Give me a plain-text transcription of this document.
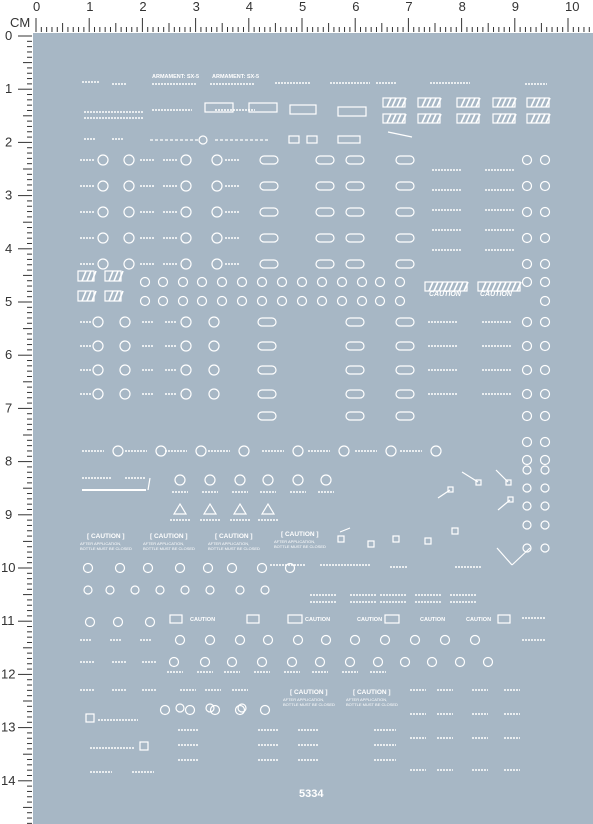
CM
0	1	2	3	4	5	6	7	8	9	10
0
1
2
3
4
5
6
7
8
9
10
11
12
13
14
ARMAMENT: SX-5 ARMAMENT: SX-5
CAUTION	CAUTION
[ CAUTION ]
AFTER APPLICATION,
BOTTLE MUST BE CLOSED
[ CAUTION ]
AFTER APPLICATION,
BOTTLE MUST BE CLOSED
[ CAUTION ]
AFTER APPLICATION,
BOTTLE MUST BE CLOSED
[ CAUTION ]
AFTER APPLICATION,
BOTTLE MUST BE CLOSED
CAUTION	CAUTION	CAUTION	CAUTION	CAUTION
[ CAUTION ]
AFTER APPLICATION,
BOTTLE MUST BE CLOSED
[ CAUTION ]
AFTER APPLICATION,
BOTTLE MUST BE CLOSED
5334
